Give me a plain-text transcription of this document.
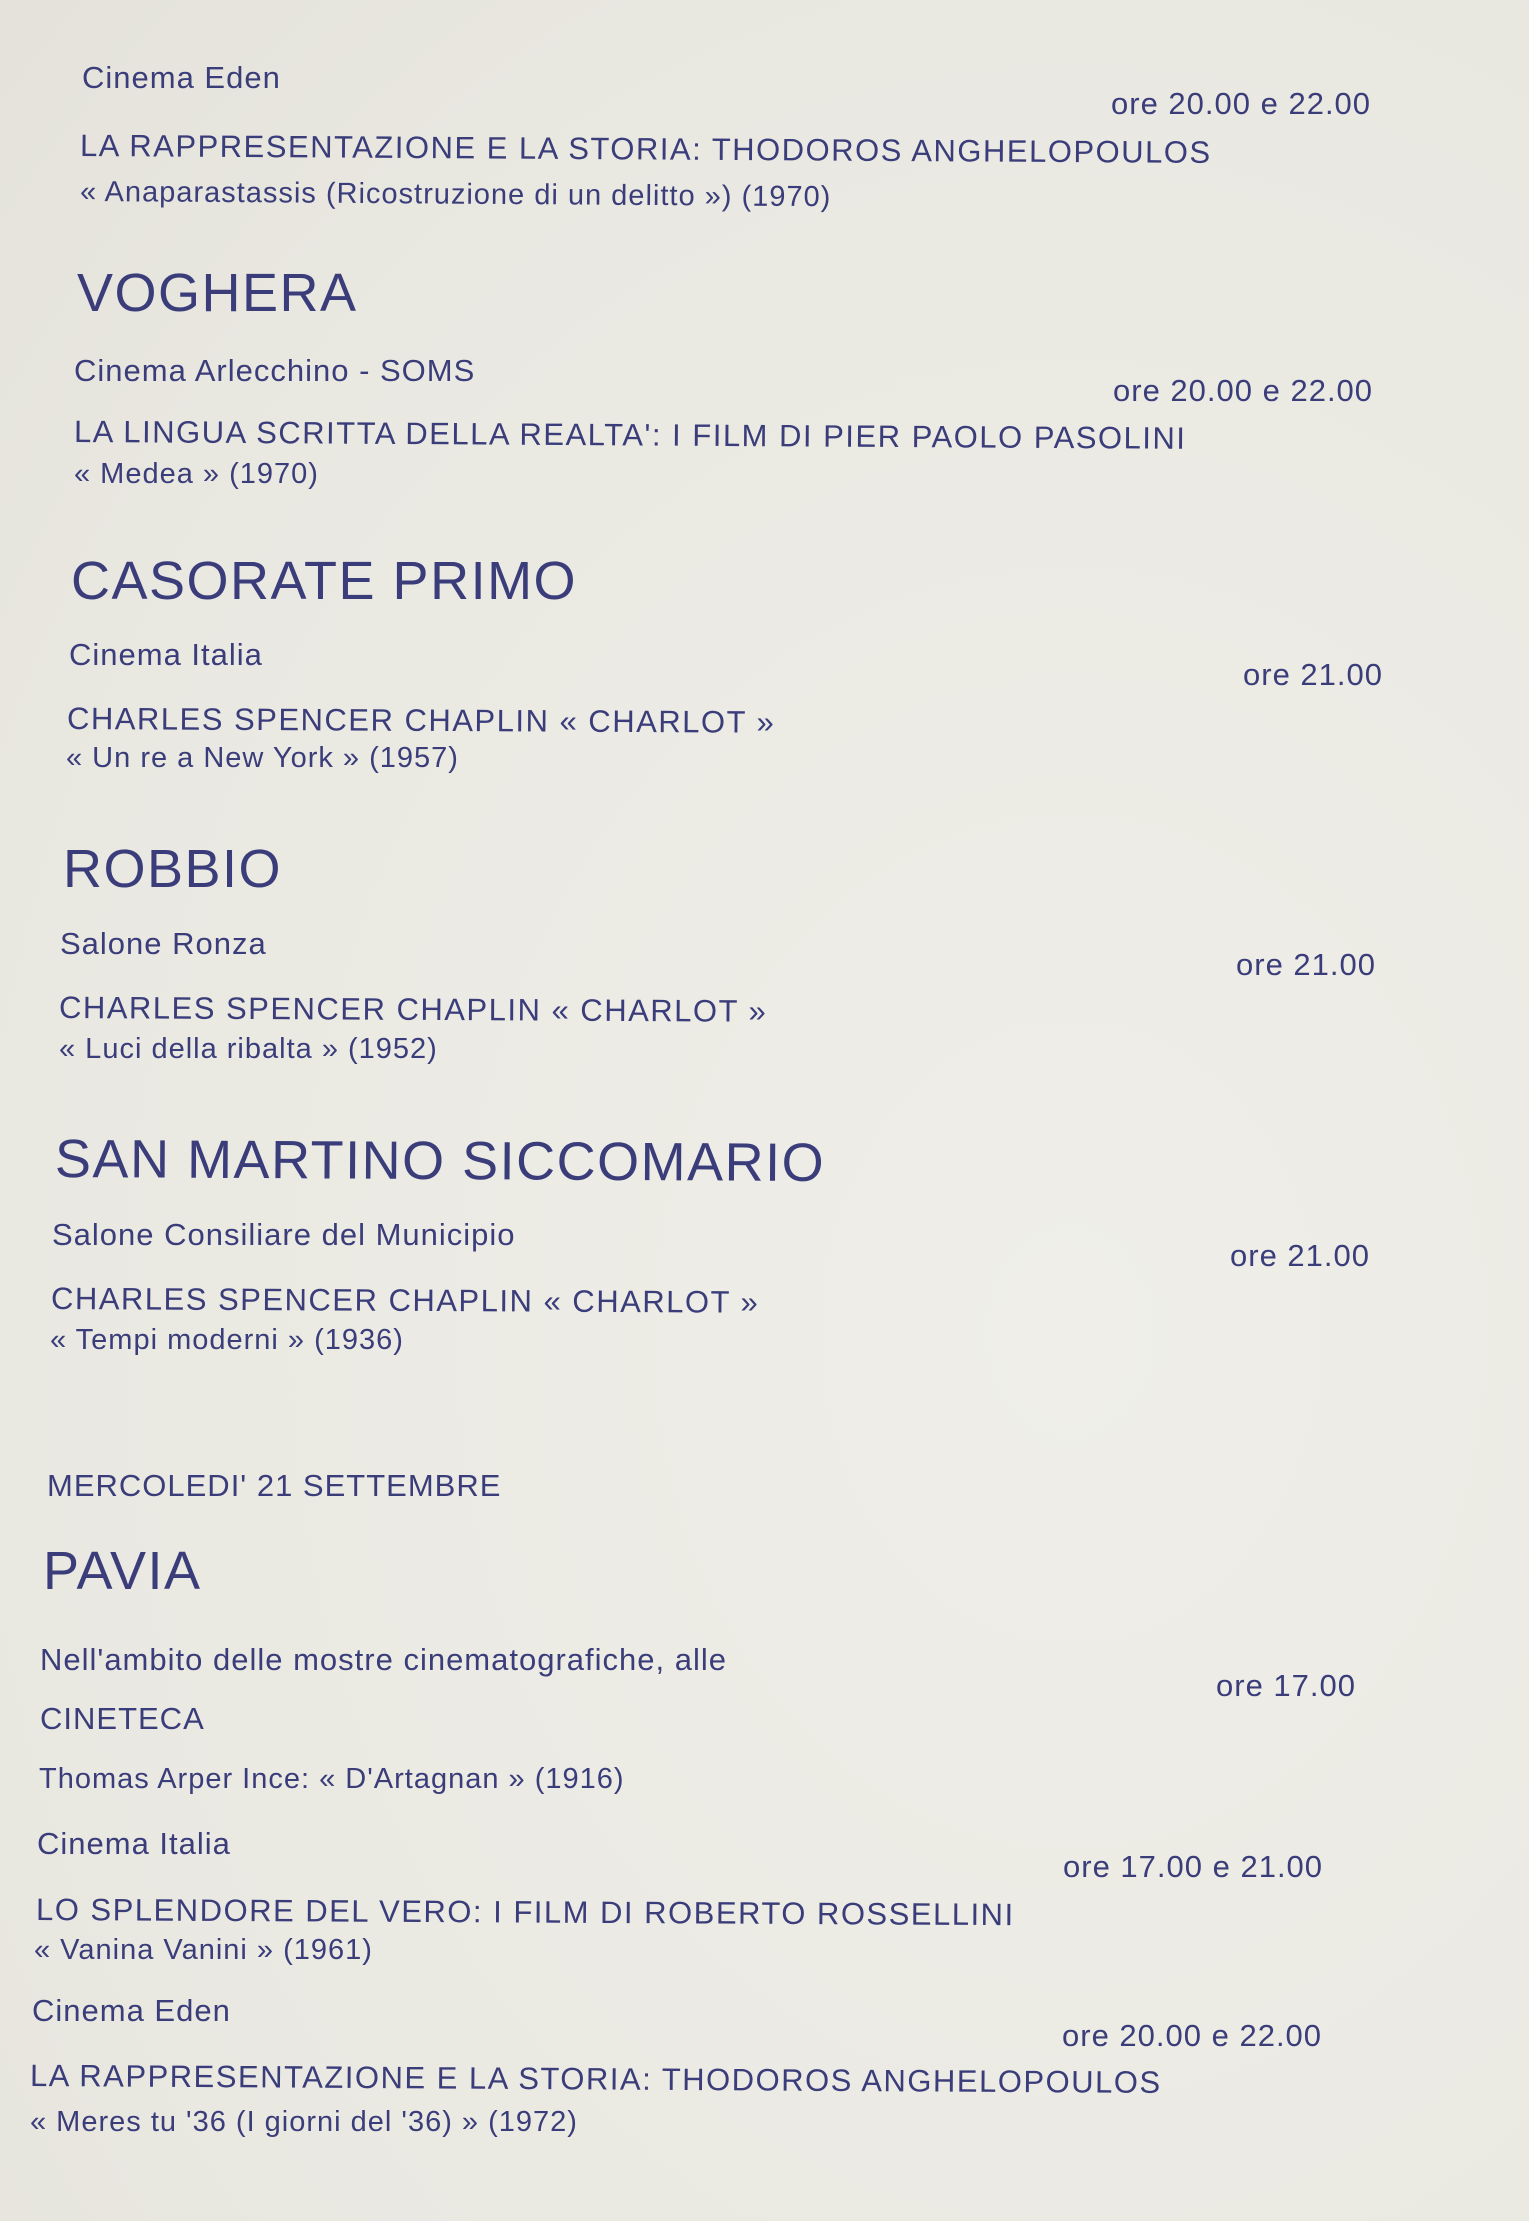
Cinema Eden
ore 20.00 e 22.00
LA RAPPRESENTAZIONE E LA STORIA: THODOROS ANGHELOPOULOS
« Anaparastassis (Ricostruzione di un delitto ») (1970)
VOGHERA
Cinema Arlecchino - SOMS
ore 20.00 e 22.00
LA LINGUA SCRITTA DELLA REALTA': I FILM DI PIER PAOLO PASOLINI
« Medea » (1970)
CASORATE PRIMO
Cinema Italia
ore 21.00
CHARLES SPENCER CHAPLIN « CHARLOT »
« Un re a New York » (1957)
ROBBIO
Salone Ronza
ore 21.00
CHARLES SPENCER CHAPLIN « CHARLOT »
« Luci della ribalta » (1952)
SAN MARTINO SICCOMARIO
Salone Consiliare del Municipio
ore 21.00
CHARLES SPENCER CHAPLIN « CHARLOT »
« Tempi moderni » (1936)
MERCOLEDI' 21 SETTEMBRE
PAVIA
Nell'ambito delle mostre cinematografiche, alle
ore 17.00
CINETECA
Thomas Arper Ince: « D'Artagnan » (1916)
Cinema Italia
ore 17.00 e 21.00
LO SPLENDORE DEL VERO: I FILM DI ROBERTO ROSSELLINI
« Vanina Vanini » (1961)
Cinema Eden
ore 20.00 e 22.00
LA RAPPRESENTAZIONE E LA STORIA: THODOROS ANGHELOPOULOS
« Meres tu '36 (I giorni del '36) » (1972)
